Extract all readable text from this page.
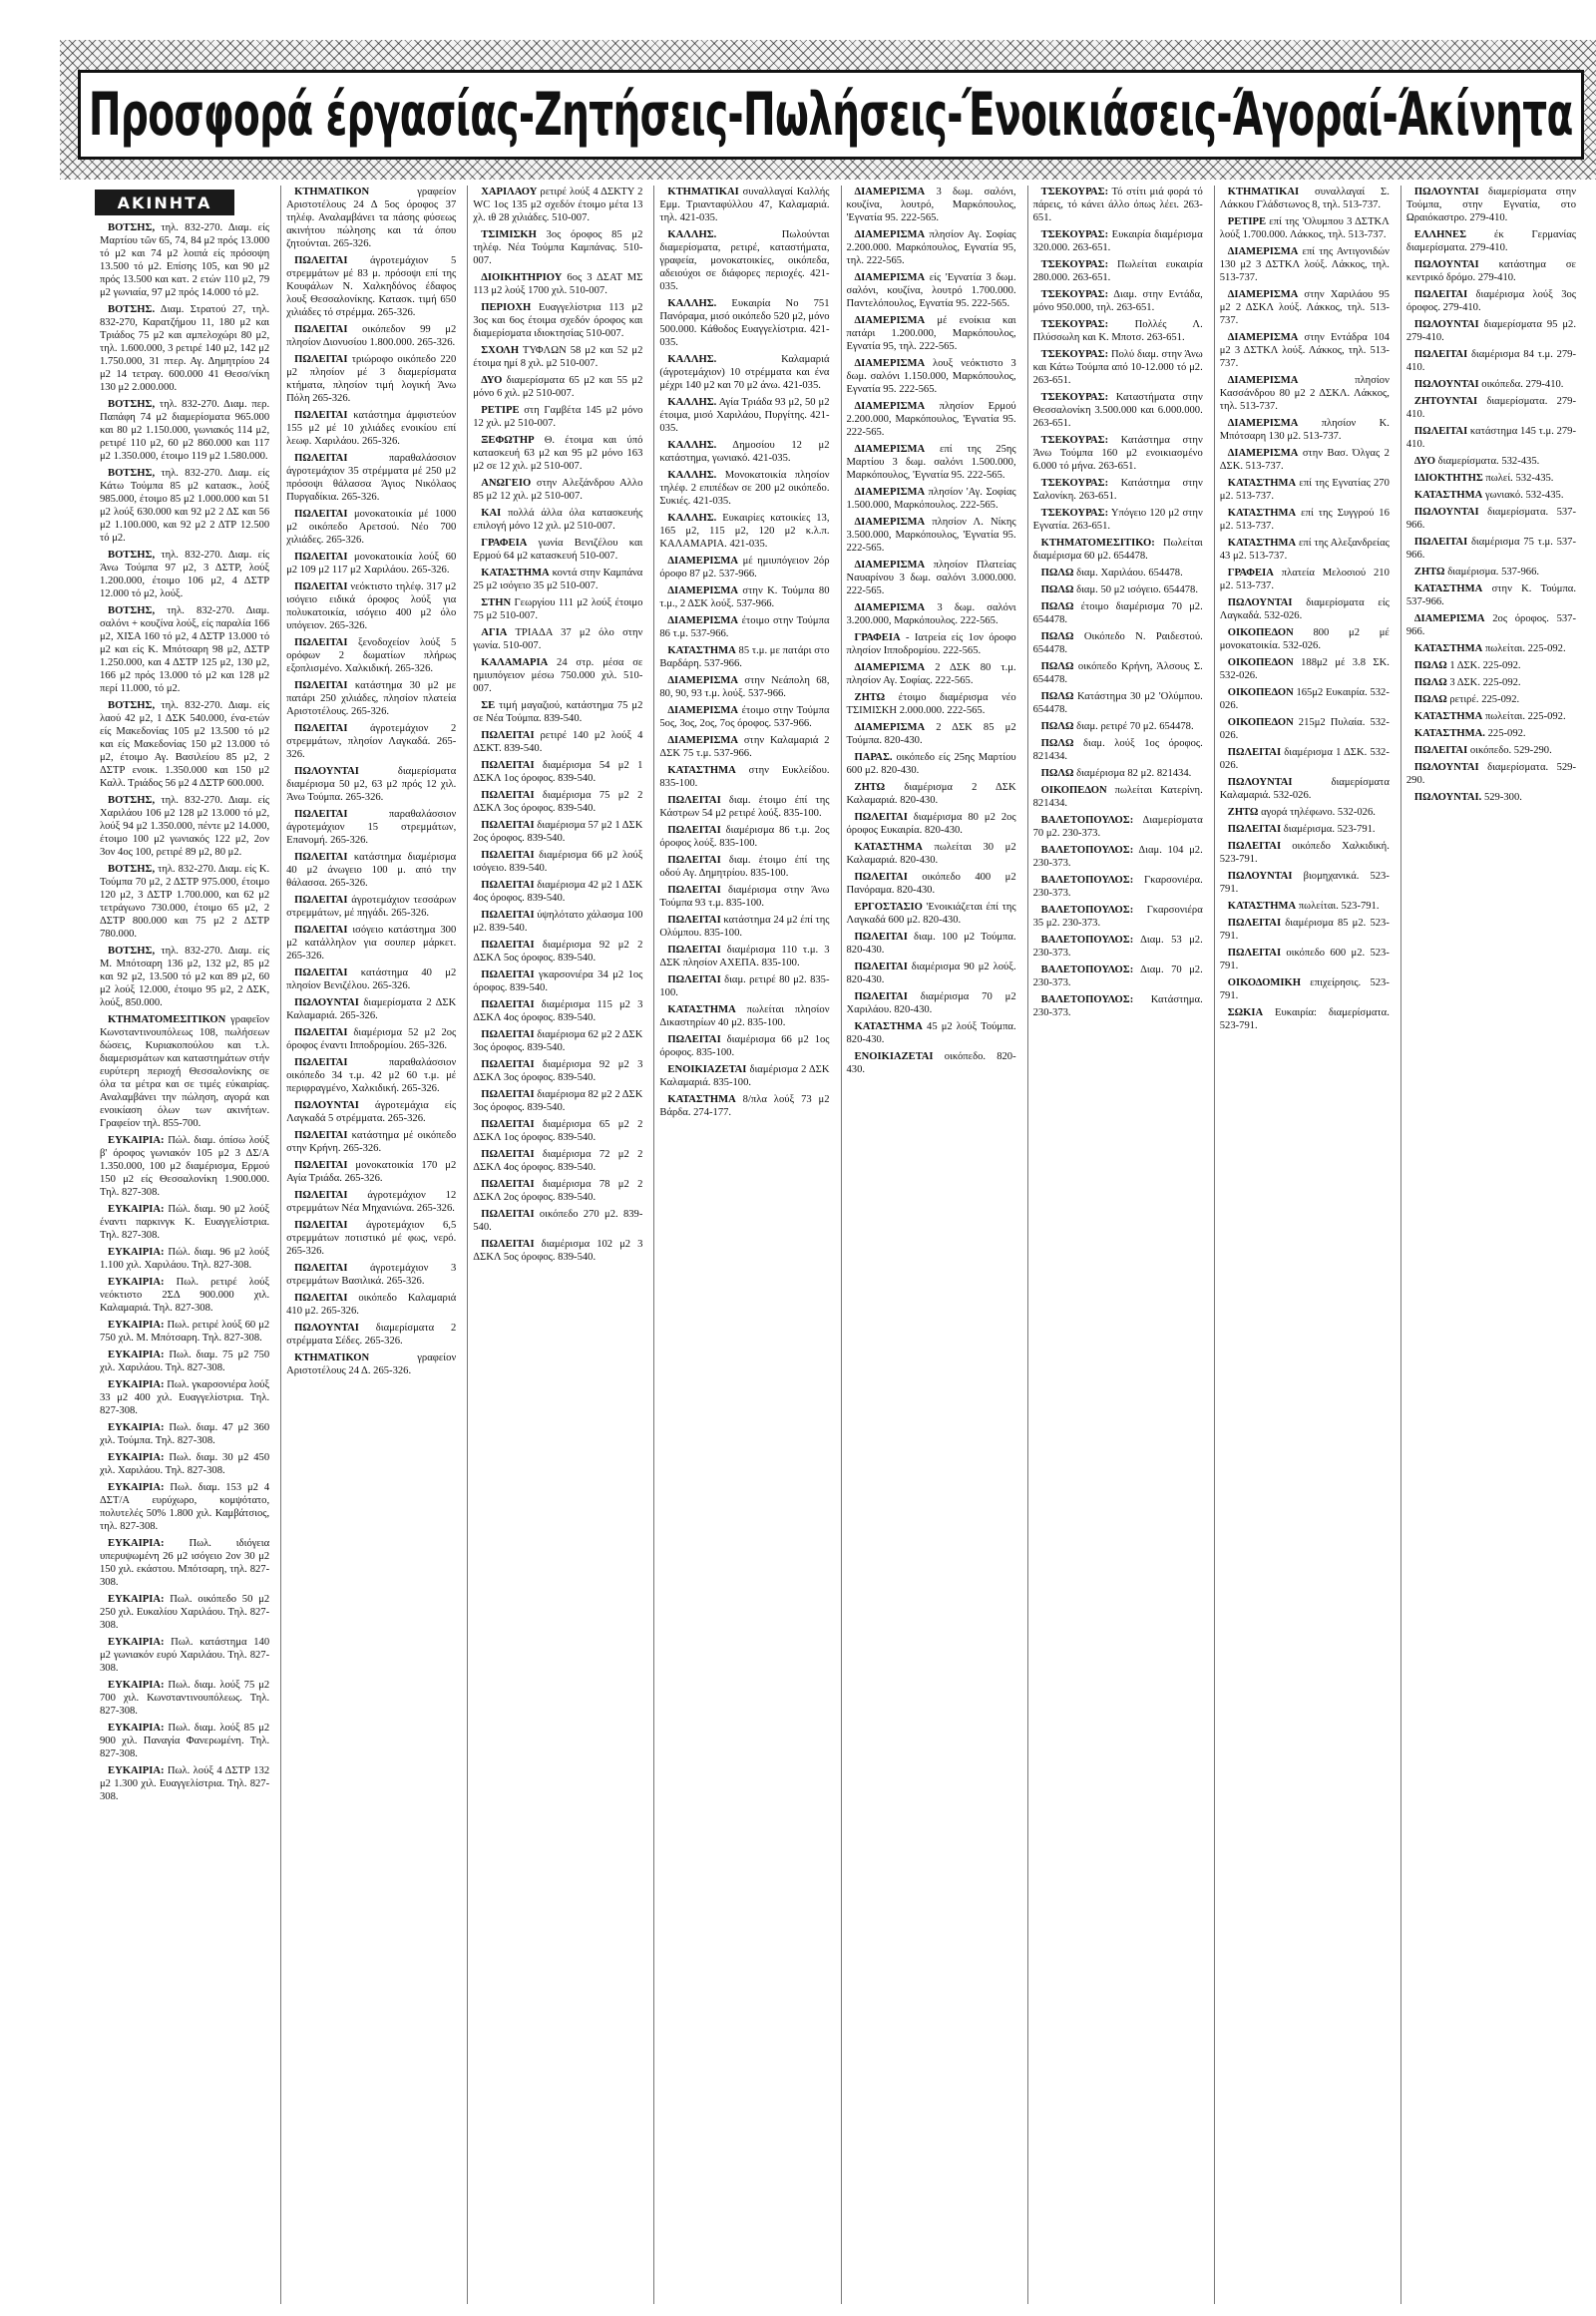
Προσφορά έργασίας-Ζητήσεις-Πωλήσεις-Ένοικιάσεις-Άγοραί-Άκίνητα

ΒΟΤΣΗΣ, τηλ. 832-270. Διαμ. είς Μαρτίου τῶν 65, 74, 84 μ2 πρός 13.000 τό μ2 και 74 μ2 λοιπά είς πρόσοψη 13.500 τό μ2. Επίσης 105, και 90 μ2 πρός 13.500 και κατ. 2 ετών 110 μ2, 79 μ2 γωνιαία, 97 μ2 πρός 14.000 τό μ2.

ΒΟΤΣΗΣ. Διαμ. Στρατού 27, τηλ. 832-270, Καρατζήμου 11, 180 μ2 και Τριάδος 75 μ2 και αμπελοχώρι 80 μ2, τηλ. 1.600.000, 3 ρετιρέ 140 μ2, 142 μ2 1.750.000, 31 πτερ. Αγ. Δημητρίου 24 μ2 14 τετραγ. 600.000 41 Θεσσ/νίκη 130 μ2 2.000.000.

ΒΟΤΣΗΣ, τηλ. 832-270. Διαμ. περ. Παπάφη 74 μ2 διαμερίσματα 965.000 και 80 μ2 1.150.000, γωνιακός 114 μ2, ρετιρέ 110 μ2, 60 μ2 860.000 και 117 μ2 1.350.000, έτοιμο 119 μ2 1.580.000.

ΒΟΤΣΗΣ, τηλ. 832-270. Διαμ. είς Κάτω Τούμπα 85 μ2 κατασκ., λούξ 985.000, έτοιμο 85 μ2 1.000.000 και 51 μ2 λούξ 630.000 και 92 μ2 2 ΔΣ και 56 μ2 1.100.000, και 92 μ2 2 ΔΤΡ 12.500 τό μ2.

ΒΟΤΣΗΣ, τηλ. 832-270. Διαμ. είς Άνω Τούμπα 97 μ2, 3 ΔΣΤΡ, λούξ 1.200.000, έτοιμο 106 μ2, 4 ΔΣΤΡ 12.000 τό μ2, λούξ.

ΒΟΤΣΗΣ, τηλ. 832-270. Διαμ. σαλόνι + κουζίνα λούξ, είς παραλία 166 μ2, ΧΙΣΑ 160 τό μ2, 4 ΔΣΤΡ 13.000 τό μ2 και είς Κ. Μπότσαρη 98 μ2, ΔΣΤΡ 1.250.000, και 4 ΔΣΤΡ 125 μ2, 130 μ2, 166 μ2 πρός 13.000 τό μ2 και 128 μ2 περί 11.000, τό μ2.

ΒΟΤΣΗΣ, τηλ. 832-270. Διαμ. είς λαού 42 μ2, 1 ΔΣΚ 540.000, ένα-ετών είς Μακεδονίας 105 μ2 13.500 τό μ2 και είς Μακεδονίας 150 μ2 13.000 τό μ2, έτοιμο Αγ. Βασιλείου 85 μ2, 2 ΔΣΤΡ ενοικ. 1.350.000 και 150 μ2 Καλλ. Τριάδος 56 μ2 4 ΔΣΤΡ 600.000.

ΒΟΤΣΗΣ, τηλ. 832-270. Διαμ. είς Χαριλάου 106 μ2 128 μ2 13.000 τό μ2, λούξ 94 μ2 1.350.000, πέντε μ2 14.000, έτοιμο 100 μ2 γωνιακός 122 μ2, 2ον 3ον 4ος 100, ρετιρέ 89 μ2, 80 μ2.

ΒΟΤΣΗΣ, τηλ. 832-270. Διαμ. είς Κ. Τούμπα 70 μ2, 2 ΔΣΤΡ 975.000, έτοιμο 120 μ2, 3 ΔΣΤΡ 1.700.000, και 62 μ2 τετράγωνο 730.000, έτοιμο 65 μ2, 2 ΔΣΤΡ 800.000 και 75 μ2 2 ΔΣΤΡ 780.000.

ΒΟΤΣΗΣ, τηλ. 832-270. Διαμ. είς Μ. Μπότσαρη 136 μ2, 132 μ2, 85 μ2 και 92 μ2, 13.500 τό μ2 και 89 μ2, 60 μ2 λούξ 12.000, έτοιμο 95 μ2, 2 ΔΣΚ, λούξ, 850.000.

ΚΤΗΜΑΤΟΜΕΣΙΤΙΚΟΝ γραφεῖον Κωνσταντινουπόλεως 108, πωλήσεων δώσεις, Κυριακοπούλου και τ.λ. διαμερισμάτων και καταστημάτων στήν ευρύτερη περιοχή Θεσσαλονίκης σε όλα τα μέτρα και σε τιμές εύκαιρίας. Αναλαμβάνει την πώληση, αγορά και ενοικίαση όλων των ακινήτων. Γραφείον τηλ. 855-700.

ΕΥΚΑΙΡΙΑ: Πώλ. διαμ. όπίσω λούξ β' όροφος γωνιακόν 105 μ2 3 ΔΣ/Α 1.350.000, 100 μ2 διαμέρισμα, Ερμού 150 μ2 είς Θεσσαλονίκη 1.900.000. Τηλ. 827-308.

ΕΥΚΑΙΡΙΑ: Πώλ. διαμ. 90 μ2 λούξ έναντι παρκινγκ Κ. Ευαγγελίστρια. Τηλ. 827-308.

ΕΥΚΑΙΡΙΑ: Πώλ. διαμ. 96 μ2 λούξ 1.100 χιλ. Χαριλάου. Τηλ. 827-308.

ΕΥΚΑΙΡΙΑ: Πωλ. ρετιρέ λούξ νεόκτιστο 2ΣΔ 900.000 χιλ. Καλαμαριά. Τηλ. 827-308.

ΕΥΚΑΙΡΙΑ: Πωλ. ρετιρέ λούξ 60 μ2 750 χιλ. Μ. Μπότσαρη. Τηλ. 827-308.

ΕΥΚΑΙΡΙΑ: Πωλ. διαμ. 75 μ2 750 χιλ. Χαριλάου. Τηλ. 827-308.

ΕΥΚΑΙΡΙΑ: Πωλ. γκαρσονιέρα λούξ 33 μ2 400 χιλ. Ευαγγελίστρια. Τηλ. 827-308.

ΕΥΚΑΙΡΙΑ: Πωλ. διαμ. 47 μ2 360 χιλ. Τούμπα. Τηλ. 827-308.

ΕΥΚΑΙΡΙΑ: Πωλ. διαμ. 30 μ2 450 χιλ. Χαριλάου. Τηλ. 827-308.

ΕΥΚΑΙΡΙΑ: Πωλ. διαμ. 153 μ2 4 ΔΣΤ/Α ευρύχωρο, κομψότατο, πολυτελές 50% 1.800 χιλ. Καμβάτσιος, τηλ. 827-308.

ΕΥΚΑΙΡΙΑ: Πωλ. ιδιόγεια υπερυψωμένη 26 μ2 ισόγειο 2ον 30 μ2 150 χιλ. εκάστου. Μπότσαρη, τηλ. 827-308.

ΕΥΚΑΙΡΙΑ: Πωλ. οικόπεδο 50 μ2 250 χιλ. Ευκαλίου Χαριλάου. Τηλ. 827-308.

ΕΥΚΑΙΡΙΑ: Πωλ. κατάστημα 140 μ2 γωνιακόν ευρύ Χαριλάου. Τηλ. 827-308.

ΕΥΚΑΙΡΙΑ: Πωλ. διαμ. λούξ 75 μ2 700 χιλ. Κωνσταντινουπόλεως. Τηλ. 827-308.

ΕΥΚΑΙΡΙΑ: Πωλ. διαμ. λούξ 85 μ2 900 χιλ. Παναγία Φανερωμένη. Τηλ. 827-308.

ΕΥΚΑΙΡΙΑ: Πωλ. λούξ 4 ΔΣΤΡ 132 μ2 1.300 χιλ. Ευαγγελίστρια. Τηλ. 827-308.

ΚΤΗΜΑΤΙΚΟΝ γραφείον Αριστοτέλους 24 Δ 5ος όροφος 37 τηλέφ. Αναλαμβάνει τα πάσης φύσεως ακινήτου πώλησης και τά όπου ζητούνται. 265-326.

ΠΩΛΕΙΤΑΙ άγροτεμάχιον 5 στρεμμάτων μέ 83 μ. πρόσοψι επί της Κουφάλων Ν. Χαλκηδόνος έδαφος λουξ Θεσσαλονίκης. Κατασκ. τιμή 650 χιλιάδες τό στρέμμα. 265-326.

ΠΩΛΕΙΤΑΙ οικόπεδον 99 μ2 πλησίον Διονυσίου 1.800.000. 265-326.

ΠΩΛΕΙΤΑΙ τριώροφο οικόπεδο 220 μ2 πλησίον μέ 3 διαμερίσματα κτήματα, πλησίον τιμή λογική Άνω Πόλη 265-326.

ΠΩΛΕΙΤΑΙ κατάστημα άμφιστεύον 155 μ2 μέ 10 χιλιάδες ενοικίου επί λεωφ. Χαριλάου. 265-326.

ΠΩΛΕΙΤΑΙ παραθαλάσσιον άγροτεμάχιον 35 στρέμματα μέ 250 μ2 πρόσοψι θάλασσα Άγιος Νικόλαος Πυργαδίκια. 265-326.

ΠΩΛΕΙΤΑΙ μονοκατοικία μέ 1000 μ2 οικόπεδο Αρετσού. Νέο 700 χιλιάδες. 265-326.

ΠΩΛΕΙΤΑΙ μονοκατοικία λούξ 60 μ2 109 μ2 117 μ2 Χαριλάου. 265-326.

ΠΩΛΕΙΤΑΙ νεόκτιστο τηλέφ. 317 μ2 ισόγειο ειδικά όροφος λούξ για πολυκατοικία, ισόγειο 400 μ2 όλο υπόγειον. 265-326.

ΠΩΛΕΙΤΑΙ ξενοδοχείον λούξ 5 ορόφων 2 δωματίων πλήρως εξοπλισμένο. Χαλκιδική. 265-326.

ΠΩΛΕΙΤΑΙ κατάστημα 30 μ2 με πατάρι 250 χιλιάδες, πλησίον πλατεία Αριστοτέλους. 265-326.

ΠΩΛΕΙΤΑΙ άγροτεμάχιον 2 στρεμμάτων, πλησίον Λαγκαδά. 265-326.

ΠΩΛΟΥΝΤΑΙ διαμερίσματα διαμέρισμα 50 μ2, 63 μ2 πρός 12 χιλ. Άνω Τούμπα. 265-326.

ΠΩΛΕΙΤΑΙ παραθαλάσσιον άγροτεμάχιον 15 στρεμμάτων, Επανομή. 265-326.

ΠΩΛΕΙΤΑΙ κατάστημα διαμέρισμα 40 μ2 άνωγειο 100 μ. από την θάλασσα. 265-326.

ΠΩΛΕΙΤΑΙ άγροτεμάχιον τεσσάρων στρεμμάτων, μέ πηγάδι. 265-326.

ΠΩΛΕΙΤΑΙ ισόγειο κατάστημα 300 μ2 κατάλληλον για σουπερ μάρκετ. 265-326.

ΠΩΛΕΙΤΑΙ κατάστημα 40 μ2 πλησίον Βενιζέλου. 265-326.

ΠΩΛΟΥΝΤΑΙ διαμερίσματα 2 ΔΣΚ Καλαμαριά. 265-326.

ΠΩΛΕΙΤΑΙ διαμέρισμα 52 μ2 2ος όροφος έναντι Ιπποδρομίου. 265-326.

ΠΩΛΕΙΤΑΙ παραθαλάσσιον οικόπεδο 34 τ.μ. 42 μ2 60 τ.μ. μέ περιφραγμένο, Χαλκιδική. 265-326.

ΠΩΛΟΥΝΤΑΙ άγροτεμάχια είς Λαγκαδά 5 στρέμματα. 265-326.

ΠΩΛΕΙΤΑΙ κατάστημα μέ οικόπεδο στην Κρήνη. 265-326.

ΠΩΛΕΙΤΑΙ μονοκατοικία 170 μ2 Αγία Τριάδα. 265-326.

ΠΩΛΕΙΤΑΙ άγροτεμάχιον 12 στρεμμάτων Νέα Μηχανιώνα. 265-326.

ΠΩΛΕΙΤΑΙ άγροτεμάχιον 6,5 στρεμμάτων ποτιστικό μέ φως, νερό. 265-326.

ΠΩΛΕΙΤΑΙ άγροτεμάχιον 3 στρεμμάτων Βασιλικά. 265-326.

ΠΩΛΕΙΤΑΙ οικόπεδο Καλαμαριά 410 μ2. 265-326.

ΠΩΛΟΥΝΤΑΙ διαμερίσματα 2 στρέμματα Σέδες. 265-326.

ΚΤΗΜΑΤΙΚΟΝ γραφείον Αριστοτέλους 24 Δ. 265-326.

ΧΑΡΙΛΑΟΥ ρετιρέ λούξ 4 ΔΣΚΤΥ 2 WC 1ος 135 μ2 σχεδόν έτοιμο μέτα 13 χλ. ιθ 28 χιλιάδες. 510-007.

ΤΣΙΜΙΣΚΗ 3ος όροφος 85 μ2 τηλέφ. Νέα Τούμπα Καμπάνας. 510-007.

ΔΙΟΙΚΗΤΗΡΙΟΥ 6ος 3 ΔΣΑΤ ΜΣ 113 μ2 λούξ 1700 χιλ. 510-007.

ΠΕΡΙΟΧΗ Ευαγγελίστρια 113 μ2 3ος και 6ος έτοιμα σχεδόν όροφος και διαμερίσματα ιδιοκτησίας 510-007.

ΣΧΟΛΗ ΤΥΦΛΩΝ 58 μ2 και 52 μ2 έτοιμα ημί 8 χιλ. μ2 510-007.

ΔΥΟ διαμερίσματα 65 μ2 και 55 μ2 μόνο 6 χιλ. μ2 510-007.

ΡΕΤΙΡΕ στη Γαμβέτα 145 μ2 μόνο 12 χιλ. μ2 510-007.

ΞΕΦΩΤΗΡ Θ. έτοιμα και ύπό κατασκευή 63 μ2 και 95 μ2 μόνο 163 μ2 σε 12 χιλ. μ2 510-007.

ΑΝΩΓΕΙΟ στην Αλεξάνδρου Αλλο 85 μ2 12 χιλ. μ2 510-007.

ΚΑΙ πολλά άλλα όλα κατασκευής επιλογή μόνο 12 χιλ. μ2 510-007.

ΓΡΑΦΕΙΑ γωνία Βενιζέλου και Ερμού 64 μ2 κατασκευή 510-007.

ΚΑΤΑΣΤΗΜΑ κοντά στην Καμπάνα 25 μ2 ισόγειο 35 μ2 510-007.

ΣΤΗΝ Γεωργίου 111 μ2 λούξ έτοιμο 75 μ2 510-007.

ΑΓΙΑ ΤΡΙΑΔΑ 37 μ2 όλο στην γωνία. 510-007.

ΚΑΛΑΜΑΡΙΑ 24 στρ. μέσα σε ημιυπόγειον μέσω 750.000 χιλ. 510-007.

ΣΕ τιμή μαγαζιού, κατάστημα 75 μ2 σε Νέα Τούμπα. 839-540.

ΠΩΛΕΙΤΑΙ ρετιρέ 140 μ2 λούξ 4 ΔΣΚΤ. 839-540.

ΠΩΛΕΙΤΑΙ διαμέρισμα 54 μ2 1 ΔΣΚΛ 1ος όροφος. 839-540.

ΠΩΛΕΙΤΑΙ διαμέρισμα 75 μ2 2 ΔΣΚΛ 3ος όροφος. 839-540.

ΠΩΛΕΙΤΑΙ διαμέρισμα 57 μ2 1 ΔΣΚ 2ος όροφος. 839-540.

ΠΩΛΕΙΤΑΙ διαμέρισμα 66 μ2 λούξ ισόγειο. 839-540.

ΠΩΛΕΙΤΑΙ διαμέρισμα 42 μ2 1 ΔΣΚ 4ος όροφος. 839-540.

ΠΩΛΕΙΤΑΙ ύψηλότατο χάλασμα 100 μ2. 839-540.

ΠΩΛΕΙΤΑΙ διαμέρισμα 92 μ2 2 ΔΣΚΛ 5ος όροφος. 839-540.

ΠΩΛΕΙΤΑΙ γκαρσονιέρα 34 μ2 1ος όροφος. 839-540.

ΠΩΛΕΙΤΑΙ διαμέρισμα 115 μ2 3 ΔΣΚΛ 4ος όροφος. 839-540.

ΠΩΛΕΙΤΑΙ διαμέρισμα 62 μ2 2 ΔΣΚ 3ος όροφος. 839-540.

ΠΩΛΕΙΤΑΙ διαμέρισμα 92 μ2 3 ΔΣΚΛ 3ος όροφος. 839-540.

ΠΩΛΕΙΤΑΙ διαμέρισμα 82 μ2 2 ΔΣΚ 3ος όροφος. 839-540.

ΠΩΛΕΙΤΑΙ διαμέρισμα 65 μ2 2 ΔΣΚΛ 1ος όροφος. 839-540.

ΠΩΛΕΙΤΑΙ διαμέρισμα 72 μ2 2 ΔΣΚΛ 4ος όροφος. 839-540.

ΠΩΛΕΙΤΑΙ διαμέρισμα 78 μ2 2 ΔΣΚΛ 2ος όροφος. 839-540.

ΠΩΛΕΙΤΑΙ οικόπεδο 270 μ2. 839-540.

ΠΩΛΕΙΤΑΙ διαμέρισμα 102 μ2 3 ΔΣΚΛ 5ος όροφος. 839-540.

ΚΤΗΜΑΤΙΚΑΙ συναλλαγαί Καλλής Εμμ. Τριανταφύλλου 47, Καλαμαριά. τηλ. 421-035.

ΚΑΛΛΗΣ. Πωλούνται διαμερίσματα, ρετιρέ, καταστήματα, γραφεία, μονοκατοικίες, οικόπεδα, αδειούχοι σε διάφορες περιοχές. 421-035.

ΚΑΛΛΗΣ. Ευκαιρία Νο 751 Πανόραμα, μισό οικόπεδο 520 μ2, μόνο 500.000. Κάθοδος Ευαγγελίστρια. 421-035.

ΚΑΛΛΗΣ. Καλαμαριά (άγροτεμάχιον) 10 στρέμματα και ένα μέχρι 140 μ2 και 70 μ2 άνω. 421-035.

ΚΑΛΛΗΣ. Αγία Τριάδα 93 μ2, 50 μ2 έτοιμα, μισό Χαριλάου, Πυργίτης. 421-035.

ΚΑΛΛΗΣ. Δημοσίου 12 μ2 κατάστημα, γωνιακό. 421-035.

ΚΑΛΛΗΣ. Μονοκατοικία πλησίον τηλέφ. 2 επιπέδων σε 200 μ2 οικόπεδο. Συκιές. 421-035.

ΚΑΛΛΗΣ. Ευκαιρίες κατοικίες 13, 165 μ2, 115 μ2, 120 μ2 κ.λ.π. ΚΑΛΑΜΑΡΙΑ. 421-035.

ΔΙΑΜΕΡΙΣΜΑ μέ ημιυπόγειον 2όρ όροφο 87 μ2. 537-966.

ΔΙΑΜΕΡΙΣΜΑ στην Κ. Τούμπα 80 τ.μ., 2 ΔΣΚ λούξ. 537-966.

ΔΙΑΜΕΡΙΣΜΑ έτοιμο στην Τούμπα 86 τ.μ. 537-966.

ΚΑΤΑΣΤΗΜΑ 85 τ.μ. με πατάρι στο Βαρδάρη. 537-966.

ΔΙΑΜΕΡΙΣΜΑ στην Νεάπολη 68, 80, 90, 93 τ.μ. λούξ. 537-966.

ΔΙΑΜΕΡΙΣΜΑ έτοιμο στην Τούμπα 5ος, 3ος, 2ος, 7ος όροφος. 537-966.

ΔΙΑΜΕΡΙΣΜΑ στην Καλαμαριά 2 ΔΣΚ 75 τ.μ. 537-966.

ΚΑΤΑΣΤΗΜΑ στην Ευκλείδου. 835-100.

ΠΩΛΕΙΤΑΙ διαμ. έτοιμο έπί της Κάστρων 54 μ2 ρετιρέ λούξ. 835-100.

ΠΩΛΕΙΤΑΙ διαμέρισμα 86 τ.μ. 2ος όροφος λούξ. 835-100.

ΠΩΛΕΙΤΑΙ διαμ. έτοιμο έπί της οδού Αγ. Δημητρίου. 835-100.

ΠΩΛΕΙΤΑΙ διαμέρισμα στην Άνω Τούμπα 93 τ.μ. 835-100.

ΠΩΛΕΙΤΑΙ κατάστημα 24 μ2 έπί της Ολύμπου. 835-100.

ΠΩΛΕΙΤΑΙ διαμέρισμα 110 τ.μ. 3 ΔΣΚ πλησίον ΑΧΕΠΑ. 835-100.

ΠΩΛΕΙΤΑΙ διαμ. ρετιρέ 80 μ2. 835-100.

ΚΑΤΑΣΤΗΜΑ πωλείται πλησίον Δικαστηρίων 40 μ2. 835-100.

ΠΩΛΕΙΤΑΙ διαμέρισμα 66 μ2 1ος όροφος. 835-100.

ΕΝΟΙΚΙΑΖΕΤΑΙ διαμέρισμα 2 ΔΣΚ Καλαμαριά. 835-100.

ΚΑΤΑΣΤΗΜΑ 8/πλα λούξ 73 μ2 Βάρδα. 274-177.

ΔΙΑΜΕΡΙΣΜΑ 3 δωμ. σαλόνι, κουζίνα, λουτρό, Μαρκόπουλος, 'Εγνατία 95. 222-565.

ΔΙΑΜΕΡΙΣΜΑ πλησίον Αγ. Σοφίας 2.200.000. Μαρκόπουλος, Εγνατία 95, τηλ. 222-565.

ΔΙΑΜΕΡΙΣΜΑ είς 'Εγνατία 3 δωμ. σαλόνι, κουζίνα, λουτρό 1.700.000. Παντελόπουλος, Εγνατία 95. 222-565.

ΔΙΑΜΕΡΙΣΜΑ μέ ενοίκια και πατάρι 1.200.000, Μαρκόπουλος, Εγνατία 95, τηλ. 222-565.

ΔΙΑΜΕΡΙΣΜΑ λουξ νεόκτιστο 3 δωμ. σαλόνι 1.150.000, Μαρκόπουλος, Εγνατία 95. 222-565.

ΔΙΑΜΕΡΙΣΜΑ πλησίον Ερμού 2.200.000, Μαρκόπουλος, 'Εγνατία 95. 222-565.

ΔΙΑΜΕΡΙΣΜΑ επί της 25ης Μαρτίου 3 δωμ. σαλόνι 1.500.000, Μαρκόπουλος, 'Εγνατία 95. 222-565.

ΔΙΑΜΕΡΙΣΜΑ πλησίον 'Αγ. Σοφίας 1.500.000, Μαρκόπουλος. 222-565.

ΔΙΑΜΕΡΙΣΜΑ πλησίον Λ. Νίκης 3.500.000, Μαρκόπουλος, 'Εγνατία 95. 222-565.

ΔΙΑΜΕΡΙΣΜΑ πλησίον Πλατείας Ναυαρίνου 3 δωμ. σαλόνι 3.000.000. 222-565.

ΔΙΑΜΕΡΙΣΜΑ 3 δωμ. σαλόνι 3.200.000, Μαρκόπουλος. 222-565.

ΓΡΑΦΕΙΑ - Ιατρεία είς 1ον όροφο πλησίον Ιπποδρομίου. 222-565.

ΔΙΑΜΕΡΙΣΜΑ 2 ΔΣΚ 80 τ.μ. πλησίον Αγ. Σοφίας. 222-565.

ΖΗΤΩ έτοιμο διαμέρισμα νέο ΤΣΙΜΙΣΚΗ 2.000.000. 222-565.

ΔΙΑΜΕΡΙΣΜΑ 2 ΔΣΚ 85 μ2 Τούμπα. 820-430.

ΠΑΡΑΣ. οικόπεδο είς 25ης Μαρτίου 600 μ2. 820-430.

ΖΗΤΩ διαμέρισμα 2 ΔΣΚ Καλαμαριά. 820-430.

ΠΩΛΕΙΤΑΙ διαμέρισμα 80 μ2 2ος όροφος Ευκαιρία. 820-430.

ΚΑΤΑΣΤΗΜΑ πωλείται 30 μ2 Καλαμαριά. 820-430.

ΠΩΛΕΙΤΑΙ οικόπεδο 400 μ2 Πανόραμα. 820-430.

ΕΡΓΟΣΤΑΣΙΟ 'Ενοικιάζεται έπί της Λαγκαδά 600 μ2. 820-430.

ΠΩΛΕΙΤΑΙ διαμ. 100 μ2 Τούμπα. 820-430.

ΠΩΛΕΙΤΑΙ διαμέρισμα 90 μ2 λούξ. 820-430.

ΠΩΛΕΙΤΑΙ διαμέρισμα 70 μ2 Χαριλάου. 820-430.

ΚΑΤΑΣΤΗΜΑ 45 μ2 λούξ Τούμπα. 820-430.

ΕΝΟΙΚΙΑΖΕΤΑΙ οικόπεδο. 820-430.

ΤΣΕΚΟΥΡΑΣ: Τό στίτι μιά φορά τό πάρεις, τό κάνει άλλο όπως λέει. 263-651.

ΤΣΕΚΟΥΡΑΣ: Ευκαιρία διαμέρισμα 320.000. 263-651.

ΤΣΕΚΟΥΡΑΣ: Πωλείται ευκαιρία 280.000. 263-651.

ΤΣΕΚΟΥΡΑΣ: Διαμ. στην Εντάδα, μόνο 950.000, τηλ. 263-651.

ΤΣΕΚΟΥΡΑΣ: Πολλές Λ. Πλύσσωλη και Κ. Μποτσ. 263-651.

ΤΣΕΚΟΥΡΑΣ: Πολύ διαμ. στην Άνω και Κάτω Τούμπα από 10-12.000 τό μ2. 263-651.

ΤΣΕΚΟΥΡΑΣ: Καταστήματα στην Θεσσαλονίκη 3.500.000 και 6.000.000. 263-651.

ΤΣΕΚΟΥΡΑΣ: Κατάστημα στην Άνω Τούμπα 160 μ2 ενοικιασμένο 6.000 τό μήνα. 263-651.

ΤΣΕΚΟΥΡΑΣ: Κατάστημα στην Σαλονίκη. 263-651.

ΤΣΕΚΟΥΡΑΣ: Υπόγειο 120 μ2 στην Εγνατία. 263-651.

ΚΤΗΜΑΤΟΜΕΣΙΤΙΚΟ: Πωλείται διαμέρισμα 60 μ2. 654478.

ΠΩΛΩ διαμ. Χαριλάου. 654478.

ΠΩΛΩ διαμ. 50 μ2 ισόγειο. 654478.

ΠΩΛΩ έτοιμο διαμέρισμα 70 μ2. 654478.

ΠΩΛΩ Οικόπεδο Ν. Ραιδεστού. 654478.

ΠΩΛΩ οικόπεδο Κρήνη, Άλσους Σ. 654478.

ΠΩΛΩ Κατάστημα 30 μ2 'Ολύμπου. 654478.

ΠΩΛΩ διαμ. ρετιρέ 70 μ2. 654478.

ΠΩΛΩ διαμ. λούξ 1ος όροφος. 821434.

ΠΩΛΩ διαμέρισμα 82 μ2. 821434.

ΟΙΚΟΠΕΔΟΝ πωλείται Κατερίνη. 821434.

ΒΑΛΕΤΟΠΟΥΛΟΣ: Διαμερίσματα 70 μ2. 230-373.

ΒΑΛΕΤΟΠΟΥΛΟΣ: Διαμ. 104 μ2. 230-373.

ΒΑΛΕΤΟΠΟΥΛΟΣ: Γκαρσονιέρα. 230-373.

ΒΑΛΕΤΟΠΟΥΛΟΣ: Γκαρσονιέρα 35 μ2. 230-373.

ΒΑΛΕΤΟΠΟΥΛΟΣ: Διαμ. 53 μ2. 230-373.

ΒΑΛΕΤΟΠΟΥΛΟΣ: Διαμ. 70 μ2. 230-373.

ΒΑΛΕΤΟΠΟΥΛΟΣ: Κατάστημα. 230-373.

ΚΤΗΜΑΤΙΚΑΙ συναλλαγαί Σ. Λάκκου Γλάδστωνος 8, τηλ. 513-737.

ΡΕΤΙΡΕ επί της 'Ολυμπου 3 ΔΣΤΚΛ λούξ 1.700.000. Λάκκος, τηλ. 513-737.

ΔΙΑΜΕΡΙΣΜΑ επί της Αντιγονιδών 130 μ2 3 ΔΣΤΚΛ λούξ. Λάκκος, τηλ. 513-737.

ΔΙΑΜΕΡΙΣΜΑ στην Χαριλάου 95 μ2 2 ΔΣΚΛ λούξ. Λάκκος, τηλ. 513-737.

ΔΙΑΜΕΡΙΣΜΑ στην Εντάδρα 104 μ2 3 ΔΣΤΚΛ λούξ. Λάκκος, τηλ. 513-737.

ΔΙΑΜΕΡΙΣΜΑ πλησίον Κασσάνδρου 80 μ2 2 ΔΣΚΛ. Λάκκος, τηλ. 513-737.

ΔΙΑΜΕΡΙΣΜΑ πλησίον Κ. Μπότσαρη 130 μ2. 513-737.

ΔΙΑΜΕΡΙΣΜΑ στην Βασ. Όλγας 2 ΔΣΚ. 513-737.

ΚΑΤΑΣΤΗΜΑ επί της Εγνατίας 270 μ2. 513-737.

ΚΑΤΑΣΤΗΜΑ επί της Συγγρού 16 μ2. 513-737.

ΚΑΤΑΣΤΗΜΑ επί της Αλεξανδρείας 43 μ2. 513-737.

ΓΡΑΦΕΙΑ πλατεία Μελοσιού 210 μ2. 513-737.

ΠΩΛΟΥΝΤΑΙ διαμερίσματα είς Λαγκαδά. 532-026.

ΟΙΚΟΠΕΔΟΝ 800 μ2 μέ μονοκατοικία. 532-026.

ΟΙΚΟΠΕΔΟΝ 188μ2 μέ 3.8 ΣΚ. 532-026.

ΟΙΚΟΠΕΔΟΝ 165μ2 Ευκαιρία. 532-026.

ΟΙΚΟΠΕΔΟΝ 215μ2 Πυλαία. 532-026.

ΠΩΛΕΙΤΑΙ διαμέρισμα 1 ΔΣΚ. 532-026.

ΠΩΛΟΥΝΤΑΙ διαμερίσματα Καλαμαριά. 532-026.

ΖΗΤΩ αγορά τηλέφωνο. 532-026.

ΠΩΛΕΙΤΑΙ διαμέρισμα. 523-791.

ΠΩΛΕΙΤΑΙ οικόπεδο Χαλκιδική. 523-791.

ΠΩΛΟΥΝΤΑΙ βιομηχανικά. 523-791.

ΚΑΤΑΣΤΗΜΑ πωλείται. 523-791.

ΠΩΛΕΙΤΑΙ διαμέρισμα 85 μ2. 523-791.

ΠΩΛΕΙΤΑΙ οικόπεδο 600 μ2. 523-791.

ΟΙΚΟΔΟΜΙΚΗ επιχείρησις. 523-791.

ΣΩΚΙΑ Ευκαιρία: διαμερίσματα. 523-791.

ΠΩΛΟΥΝΤΑΙ διαμερίσματα στην Τούμπα, στην Εγνατία, στο Ωραιόκαστρο. 279-410.

ΕΛΛΗΝΕΣ έκ Γερμανίας διαμερίσματα. 279-410.

ΠΩΛΟΥΝΤΑΙ κατάστημα σε κεντρικό δρόμο. 279-410.

ΠΩΛΕΙΤΑΙ διαμέρισμα λούξ 3ος όροφος. 279-410.

ΠΩΛΟΥΝΤΑΙ διαμερίσματα 95 μ2. 279-410.

ΠΩΛΕΙΤΑΙ διαμέρισμα 84 τ.μ. 279-410.

ΠΩΛΟΥΝΤΑΙ οικόπεδα. 279-410.

ΖΗΤΟΥΝΤΑΙ διαμερίσματα. 279-410.

ΠΩΛΕΙΤΑΙ κατάστημα 145 τ.μ. 279-410.

ΔΥΟ διαμερίσματα. 532-435.

ΙΔΙΟΚΤΗΤΗΣ πωλεί. 532-435.

ΚΑΤΑΣΤΗΜΑ γωνιακό. 532-435.

ΠΩΛΟΥΝΤΑΙ διαμερίσματα. 537-966.

ΠΩΛΕΙΤΑΙ διαμέρισμα 75 τ.μ. 537-966.

ΖΗΤΩ διαμέρισμα. 537-966.

ΚΑΤΑΣΤΗΜΑ στην Κ. Τούμπα. 537-966.

ΔΙΑΜΕΡΙΣΜΑ 2ος όροφος. 537-966.

ΚΑΤΑΣΤΗΜΑ πωλείται. 225-092.

ΠΩΛΩ 1 ΔΣΚ. 225-092.

ΠΩΛΩ 3 ΔΣΚ. 225-092.

ΠΩΛΩ ρετιρέ. 225-092.

ΚΑΤΑΣΤΗΜΑ πωλείται. 225-092.

ΚΑΤΑΣΤΗΜΑ. 225-092.

ΠΩΛΕΙΤΑΙ οικόπεδο. 529-290.

ΠΩΛΟΥΝΤΑΙ διαμερίσματα. 529-290.

ΠΩΛΟΥΝΤΑΙ. 529-300.

ΑΚΙΝΗΤΑ
